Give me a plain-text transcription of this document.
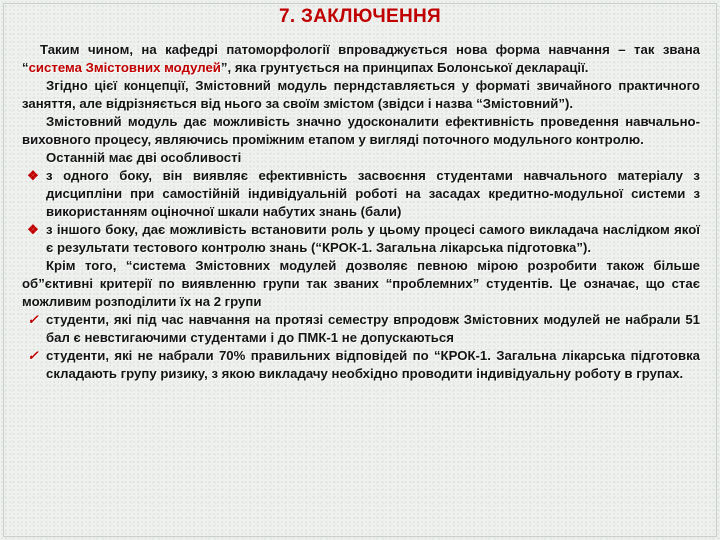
7. ЗАКЛЮЧЕННЯ

Таким чином, на кафедрі патоморфології впроваджується нова форма навчання – так звана “система Змістовних модулей”, яка грунтується на принципах Болонської декларації.

Згідно цієї концепції, Змістовний модуль перндставляється у форматі звичайного практичного заняття, але відрізняється від нього за своїм змістом (звідси і назва “Змістовний”).

Змістовний модуль дає можливість значно удосконалити ефективність проведення навчально-виховного процесу, являючись проміжним етапом у вигляді поточного модульного контролю.

Останній має дві особливості

❖ з одного боку, він виявляє ефективність засвоєння студентами навчального матеріалу з дисципліни при самостійній індивідуальній роботі на засадах кредитно-модульної системи з використанням оціночної шкали набутих знань (бали)
❖ з іншого боку, дає можливість встановити роль у цьому процесі самого викладача наслідком якої є результати тестового контролю знань (“КРОК-1. Загальна лікарська підготовка”).

Крім того, “система Змістовних модулей дозволяє певною мірою розробити також більше об”єктивні критерії по виявленню групи так званих “проблемних” студентів. Це означає, що стає можливим розподілити їх на 2 групи

✓ студенти, які під час навчання на протязі семестру впродовж Змістовних модулей не набрали 51 бал є невстигаючими студентами і до ПМК-1 не допускаються
✓ студенти, які не набрали 70% правильних відповідей по “КРОК-1. Загальна лікарська підготовка складають групу ризику, з якою викладачу необхідно проводити індивідуальну роботу в групах.
